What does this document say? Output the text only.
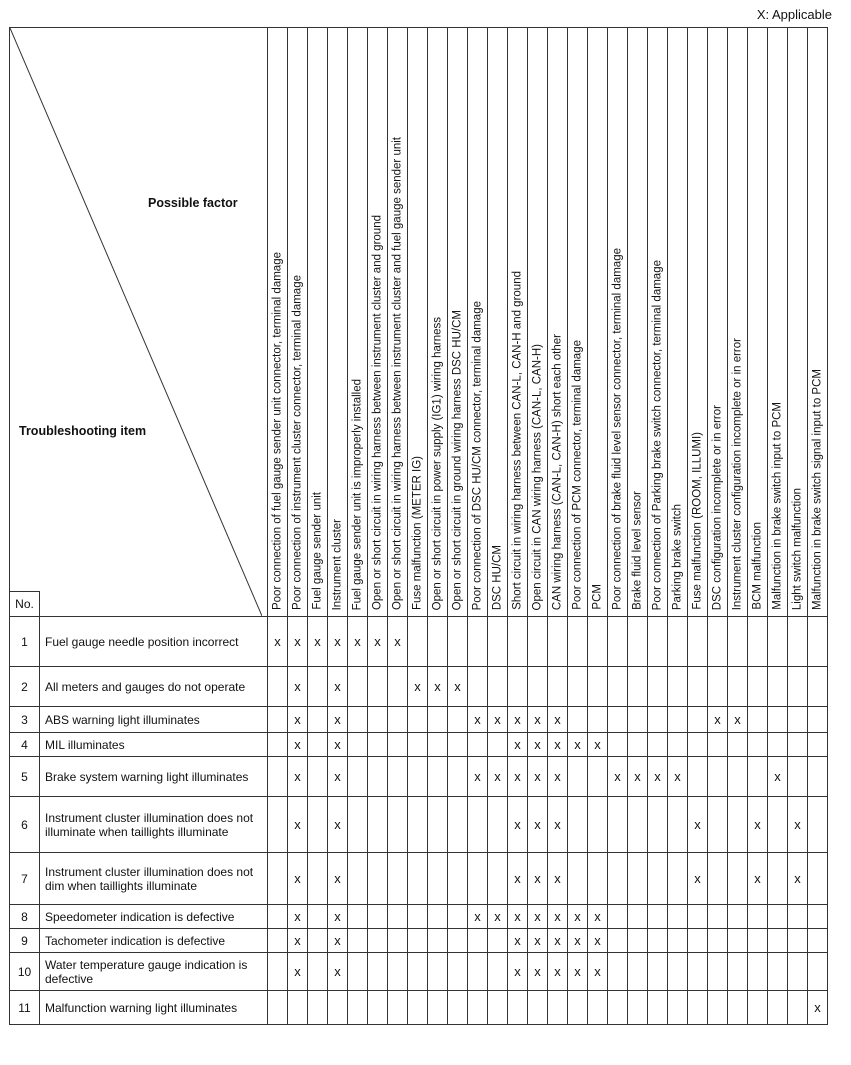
X: Applicable
Possible factor
Troubleshooting item
No.		Poor connection of fuel gauge sender unit connector, terminal damage	Poor connection of instrument cluster connector, terminal damage	Fuel gauge sender unit	Instrument cluster	Fuel gauge sender unit is improperly installed	Open or short circuit in wiring harness between instrument cluster and ground	Open or short circuit in wiring harness between instrument cluster and fuel gauge sender unit	Fuse malfunction (METER IG)	Open or short circuit in power supply (IG1) wiring harness	Open or short circuit in ground wiring harness DSC HU/CM	Poor connection of DSC HU/CM connector, terminal damage	DSC HU/CM	Short circuit in wiring harness between CAN-L, CAN-H and ground	Open circuit in CAN wiring harness (CAN-L, CAN-H)	CAN wiring harness (CAN-L, CAN-H) short each other	Poor connection of PCM connector, terminal damage	PCM	Poor connection of brake fluid level sensor connector, terminal damage	Brake fluid level sensor	Poor connection of Parking brake switch connector, terminal damage	Parking brake switch	Fuse malfunction (ROOM, ILLUMI)	DSC configuration incomplete or in error	Instrument cluster configuration incomplete or in error	BCM malfunction	Malfunction in brake switch input to PCM	Light switch malfunction	Malfunction in brake switch signal input to PCM

1	Fuel gauge needle position incorrect	x	x	x	x	x	x	x																					
2	All meters and gauges do not operate		x		x				x	x	x																		
3	ABS warning light illuminates		x		x							x	x	x	x	x								x	x				
4	MIL illuminates		x		x									x	x	x	x	x											
5	Brake system warning light illuminates		x		x							x	x	x	x	x			x	x	x	x					x		
6	Instrument cluster illumination does not illuminate when taillights illuminate		x		x									x	x	x							x			x		x	
7	Instrument cluster illumination does not dim when taillights illuminate		x		x									x	x	x							x			x		x	
8	Speedometer indication is defective		x		x							x	x	x	x	x	x	x											
9	Tachometer indication is defective		x		x									x	x	x	x	x											
10	Water temperature gauge indication is defective		x		x									x	x	x	x	x											
11	Malfunction warning light illuminates																												x
